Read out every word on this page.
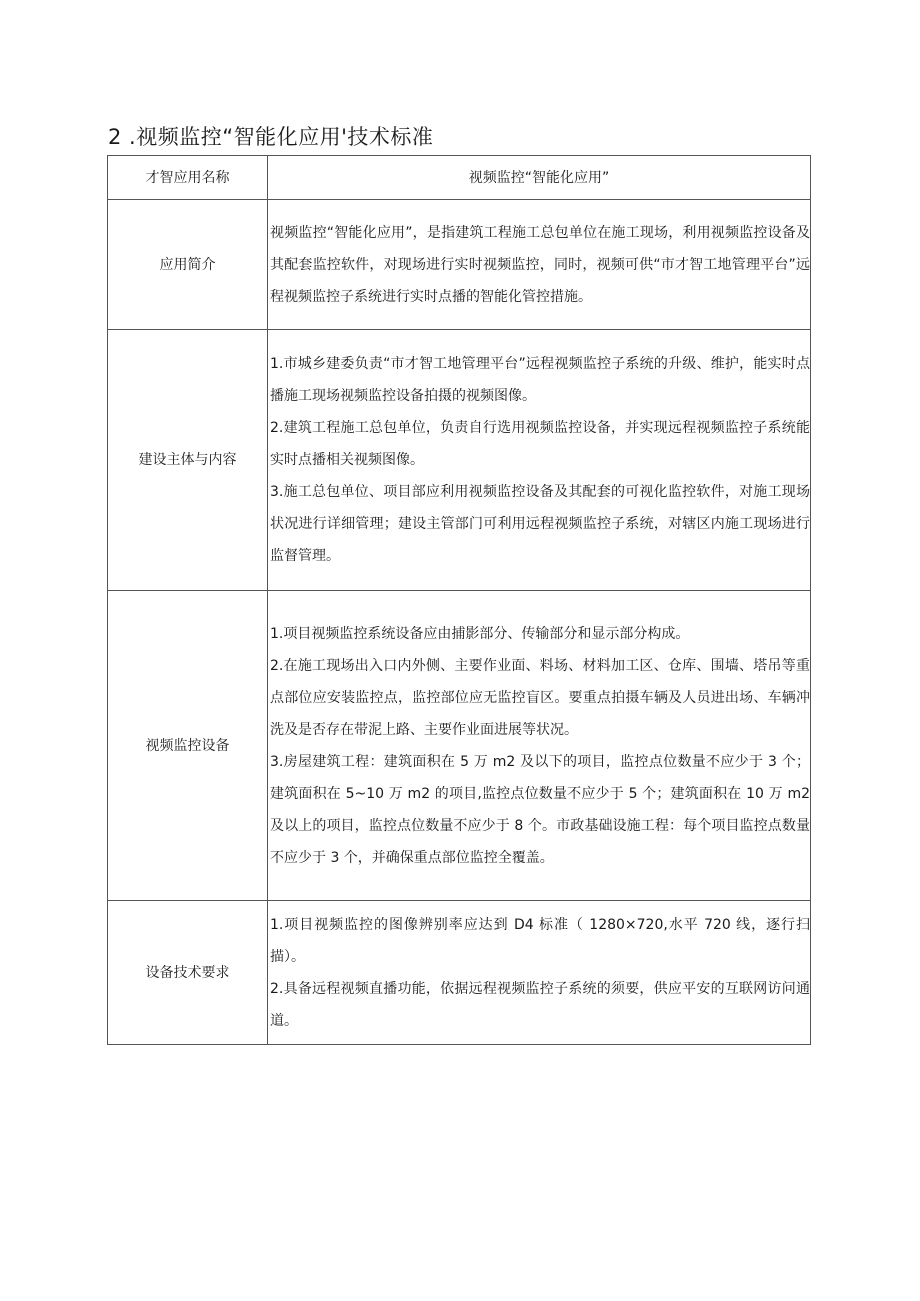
2 .视频监控“智能化应用'技术标准
才智应用名称	视频监控“智能化应用”
应用简介	视频监控“智能化应用”，是指建筑工程施工总包单位在施工现场，利用视频监控设备及其配套监控软件，对现场进行实时视频监控，同时，视频可供“市才智工地管理平台”远程视频监控子系统进行实时点播的智能化管控措施。

建设主体与内容	1.市城乡建委负责“市才智工地管理平台”远程视频监控子系统的升级、维护，能实时点播施工现场视频监控设备拍摄的视频图像。

2.建筑工程施工总包单位，负责自行选用视频监控设备，并实现远程视频监控子系统能实时点播相关视频图像。

3.施工总包单位、项目部应利用视频监控设备及其配套的可视化监控软件，对施工现场状况进行详细管理；建设主管部门可利用远程视频监控子系统，对辖区内施工现场进行监督管理。

视频监控设备	1.项目视频监控系统设备应由捕影部分、传输部分和显示部分构成。

2.在施工现场出入口内外侧、主要作业面、料场、材料加工区、仓库、围墙、塔吊等重点部位应安装监控点，监控部位应无监控盲区。要重点拍摄车辆及人员进出场、车辆冲洗及是否存在带泥上路、主要作业面进展等状况。

3.房屋建筑工程：建筑面积在 5 万 m2 及以下的项目，监控点位数量不应少于 3 个；建筑面积在 5~10 万 m2 的项目,监控点位数量不应少于 5 个；建筑面积在 10 万 m2 及以上的项目，监控点位数量不应少于 8 个。市政基础设施工程：每个项目监控点数量不应少于 3 个，并确保重点部位监控全覆盖。

设备技术要求	1.项目视频监控的图像辨别率应达到 D4 标准（ 1280×720,水平 720 线，逐行扫描）。

2.具备远程视频直播功能，依据远程视频监控子系统的须要，供应平安的互联网访问通道。
